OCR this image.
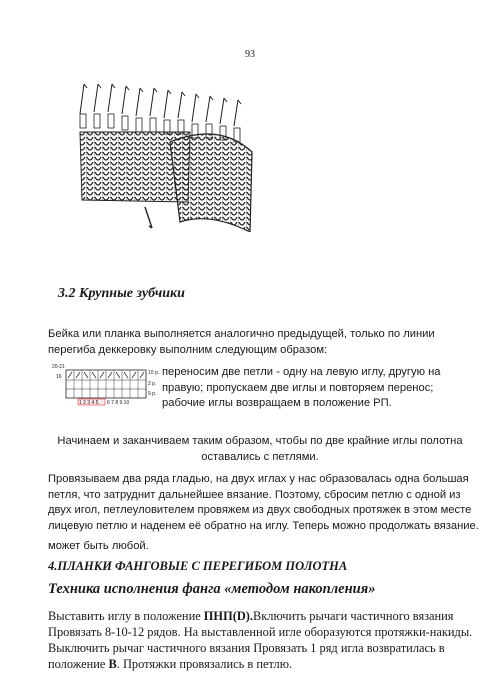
93
3.2 Крупные зубчики
Бейка или планка выполняется аналогично предыдущей, только по линии
перегиба деккеровку выполним следующим образом:
20-21
16
10 р.
2 р.
9 р.
1 2 3 4 5 6 7 8 9 10
переносим две петли - одну на левую иглу, другую на
правую; пропускаем две иглы и повторяем перенос;
рабочие иглы возвращаем в положение РП.
Начинаем и заканчиваем таким образом, чтобы по две крайние иглы полотна
оставались с петлями.
Провязываем два ряда гладью, на двух иглах у нас образовалась одна большая
петля, что затруднит дальнейшее вязание. Поэтому, сбросим петлю с одной из
двух игол, петлеуловителем провяжем из двух свободных протяжек в этом месте
лицевую петлю и наденем её обратно на иглу. Теперь можно продолжать вязание.
может быть любой.
4.ПЛАНКИ ФАНГОВЫЕ С ПЕРЕГИБОМ ПОЛОТНА
Техника исполнения фанга «методом накопления»
Выставить иглу в положение ПНП(D).Включить рычаги частичного вязания
Провязать 8-10-12 рядов. На выставленной игле оборазуются протяжки-накиды.
Выключить рычаг частичного вязания Провязать 1 ряд игла возвратилась в
положение В. Протяжки провязались в петлю.
